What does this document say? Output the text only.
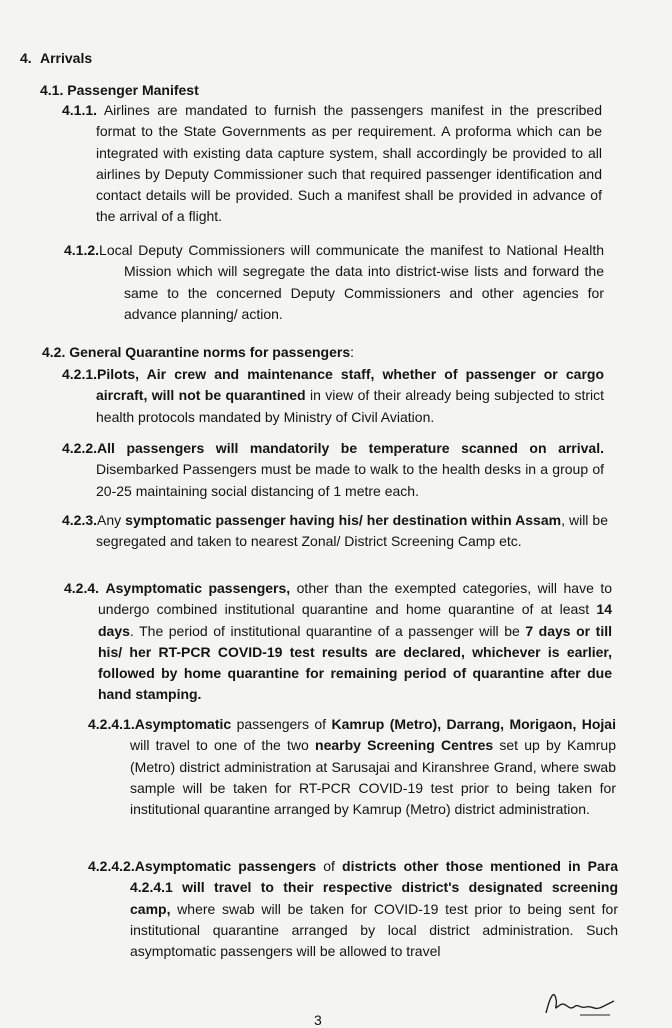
4. Arrivals
4.1. Passenger Manifest
4.1.1. Airlines are mandated to furnish the passengers manifest in the prescribed format to the State Governments as per requirement. A proforma which can be integrated with existing data capture system, shall accordingly be provided to all airlines by Deputy Commissioner such that required passenger identification and contact details will be provided. Such a manifest shall be provided in advance of the arrival of a flight.
4.1.2.Local Deputy Commissioners will communicate the manifest to National Health Mission which will segregate the data into district-wise lists and forward the same to the concerned Deputy Commissioners and other agencies for advance planning/ action.
4.2. General Quarantine norms for passengers:
4.2.1.Pilots, Air crew and maintenance staff, whether of passenger or cargo aircraft, will not be quarantined in view of their already being subjected to strict health protocols mandated by Ministry of Civil Aviation.
4.2.2.All passengers will mandatorily be temperature scanned on arrival. Disembarked Passengers must be made to walk to the health desks in a group of 20-25 maintaining social distancing of 1 metre each.
4.2.3.Any symptomatic passenger having his/ her destination within Assam, will be segregated and taken to nearest Zonal/ District Screening Camp etc.
4.2.4. Asymptomatic passengers, other than the exempted categories, will have to undergo combined institutional quarantine and home quarantine of at least 14 days. The period of institutional quarantine of a passenger will be 7 days or till his/ her RT-PCR COVID-19 test results are declared, whichever is earlier, followed by home quarantine for remaining period of quarantine after due hand stamping.
4.2.4.1.Asymptomatic passengers of Kamrup (Metro), Darrang, Morigaon, Hojai will travel to one of the two nearby Screening Centres set up by Kamrup (Metro) district administration at Sarusajai and Kiranshree Grand, where swab sample will be taken for RT-PCR COVID-19 test prior to being taken for institutional quarantine arranged by Kamrup (Metro) district administration.
4.2.4.2.Asymptomatic passengers of districts other those mentioned in Para 4.2.4.1 will travel to their respective district's designated screening camp, where swab will be taken for COVID-19 test prior to being sent for institutional quarantine arranged by local district administration. Such asymptomatic passengers will be allowed to travel
3
